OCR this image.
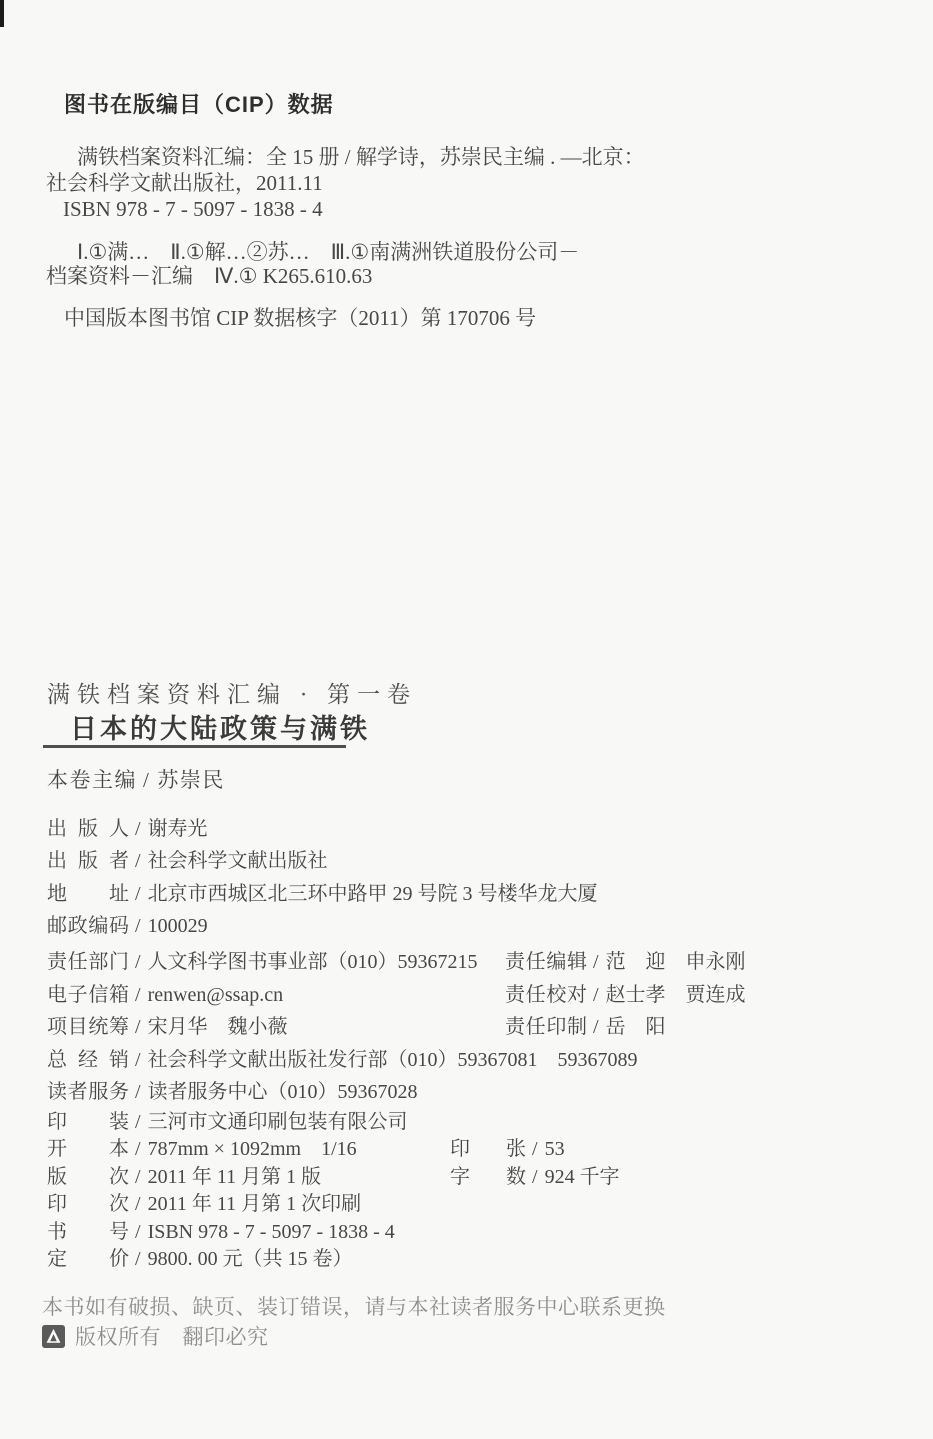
图书在版编目（CIP）数据

满铁档案资料汇编：全 15 册 / 解学诗，苏崇民主编 . —北京：

社会科学文献出版社，2011.11

ISBN 978 - 7 - 5097 - 1838 - 4

Ⅰ.①满…　Ⅱ.①解…②苏…　Ⅲ.①南满洲铁道股份公司－

档案资料－汇编　Ⅳ.① K265.610.63

中国版本图书馆 CIP 数据核字（2011）第 170706 号
满铁档案资料汇编 · 第一卷
日本的大陆政策与满铁
本卷主编 / 苏崇民
出版人 / 谢寿光
出版者 / 社会科学文献出版社
地址 / 北京市西城区北三环中路甲 29 号院 3 号楼华龙大厦
邮政编码 / 100029
责任部门 / 人文科学图书事业部（010）59367215
电子信箱 / renwen@ssap.cn
项目统筹 / 宋月华　魏小薇
总经销 / 社会科学文献出版社发行部（010）59367081　59367089
读者服务 / 读者服务中心（010）59367028
责任编辑 / 范　迎　申永刚
责任校对 / 赵士孝　贾连成
责任印制 / 岳　阳
印装 / 三河市文通印刷包装有限公司
开本 / 787mm × 1092mm　1/16	印张 / 53
版次 / 2011 年 11 月第 1 版	字数 / 924 千字
印次 / 2011 年 11 月第 1 次印刷
书号 / ISBN 978 - 7 - 5097 - 1838 - 4
定价 / 9800. 00 元（共 15 卷）
本书如有破损、缺页、装订错误，请与本社读者服务中心联系更换
版权所有　翻印必究
